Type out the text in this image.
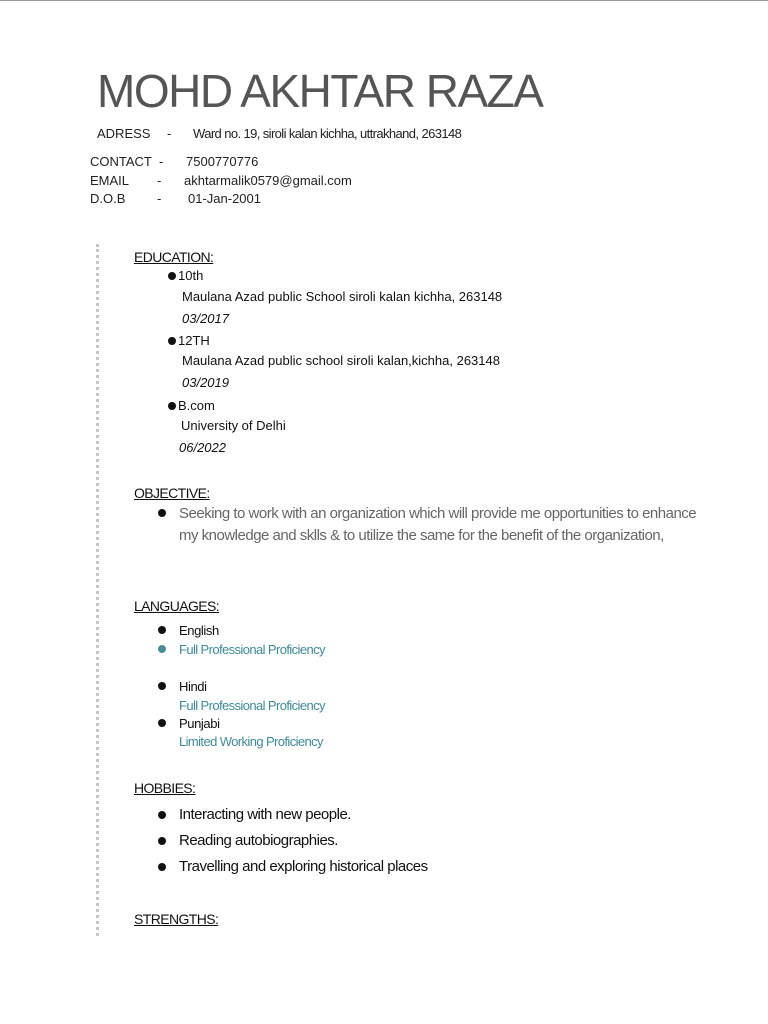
MOHD AKHTAR RAZA
ADRESS - Ward no. 19, siroli kalan kichha, uttrakhand, 263148
CONTACT - 7500770776
EMAIL - akhtarmalik0579@gmail.com
D.O.B - 01-Jan-2001
EDUCATION:
10th
Maulana Azad public School siroli kalan kichha, 263148
03/2017
12TH
Maulana Azad public school siroli kalan,kichha, 263148
03/2019
B.com
University of Delhi
06/2022
OBJECTIVE:
Seeking to work with an organization which will provide me opportunities to enhance my knowledge and sklls & to utilize the same for the benefit of the organization,
LANGUAGES:
English
Full Professional Proficiency
Hindi
Full Professional Proficiency
Punjabi
Limited Working Proficiency
HOBBIES:
Interacting with new people.
Reading autobiographies.
Travelling and exploring historical places
STRENGTHS:
